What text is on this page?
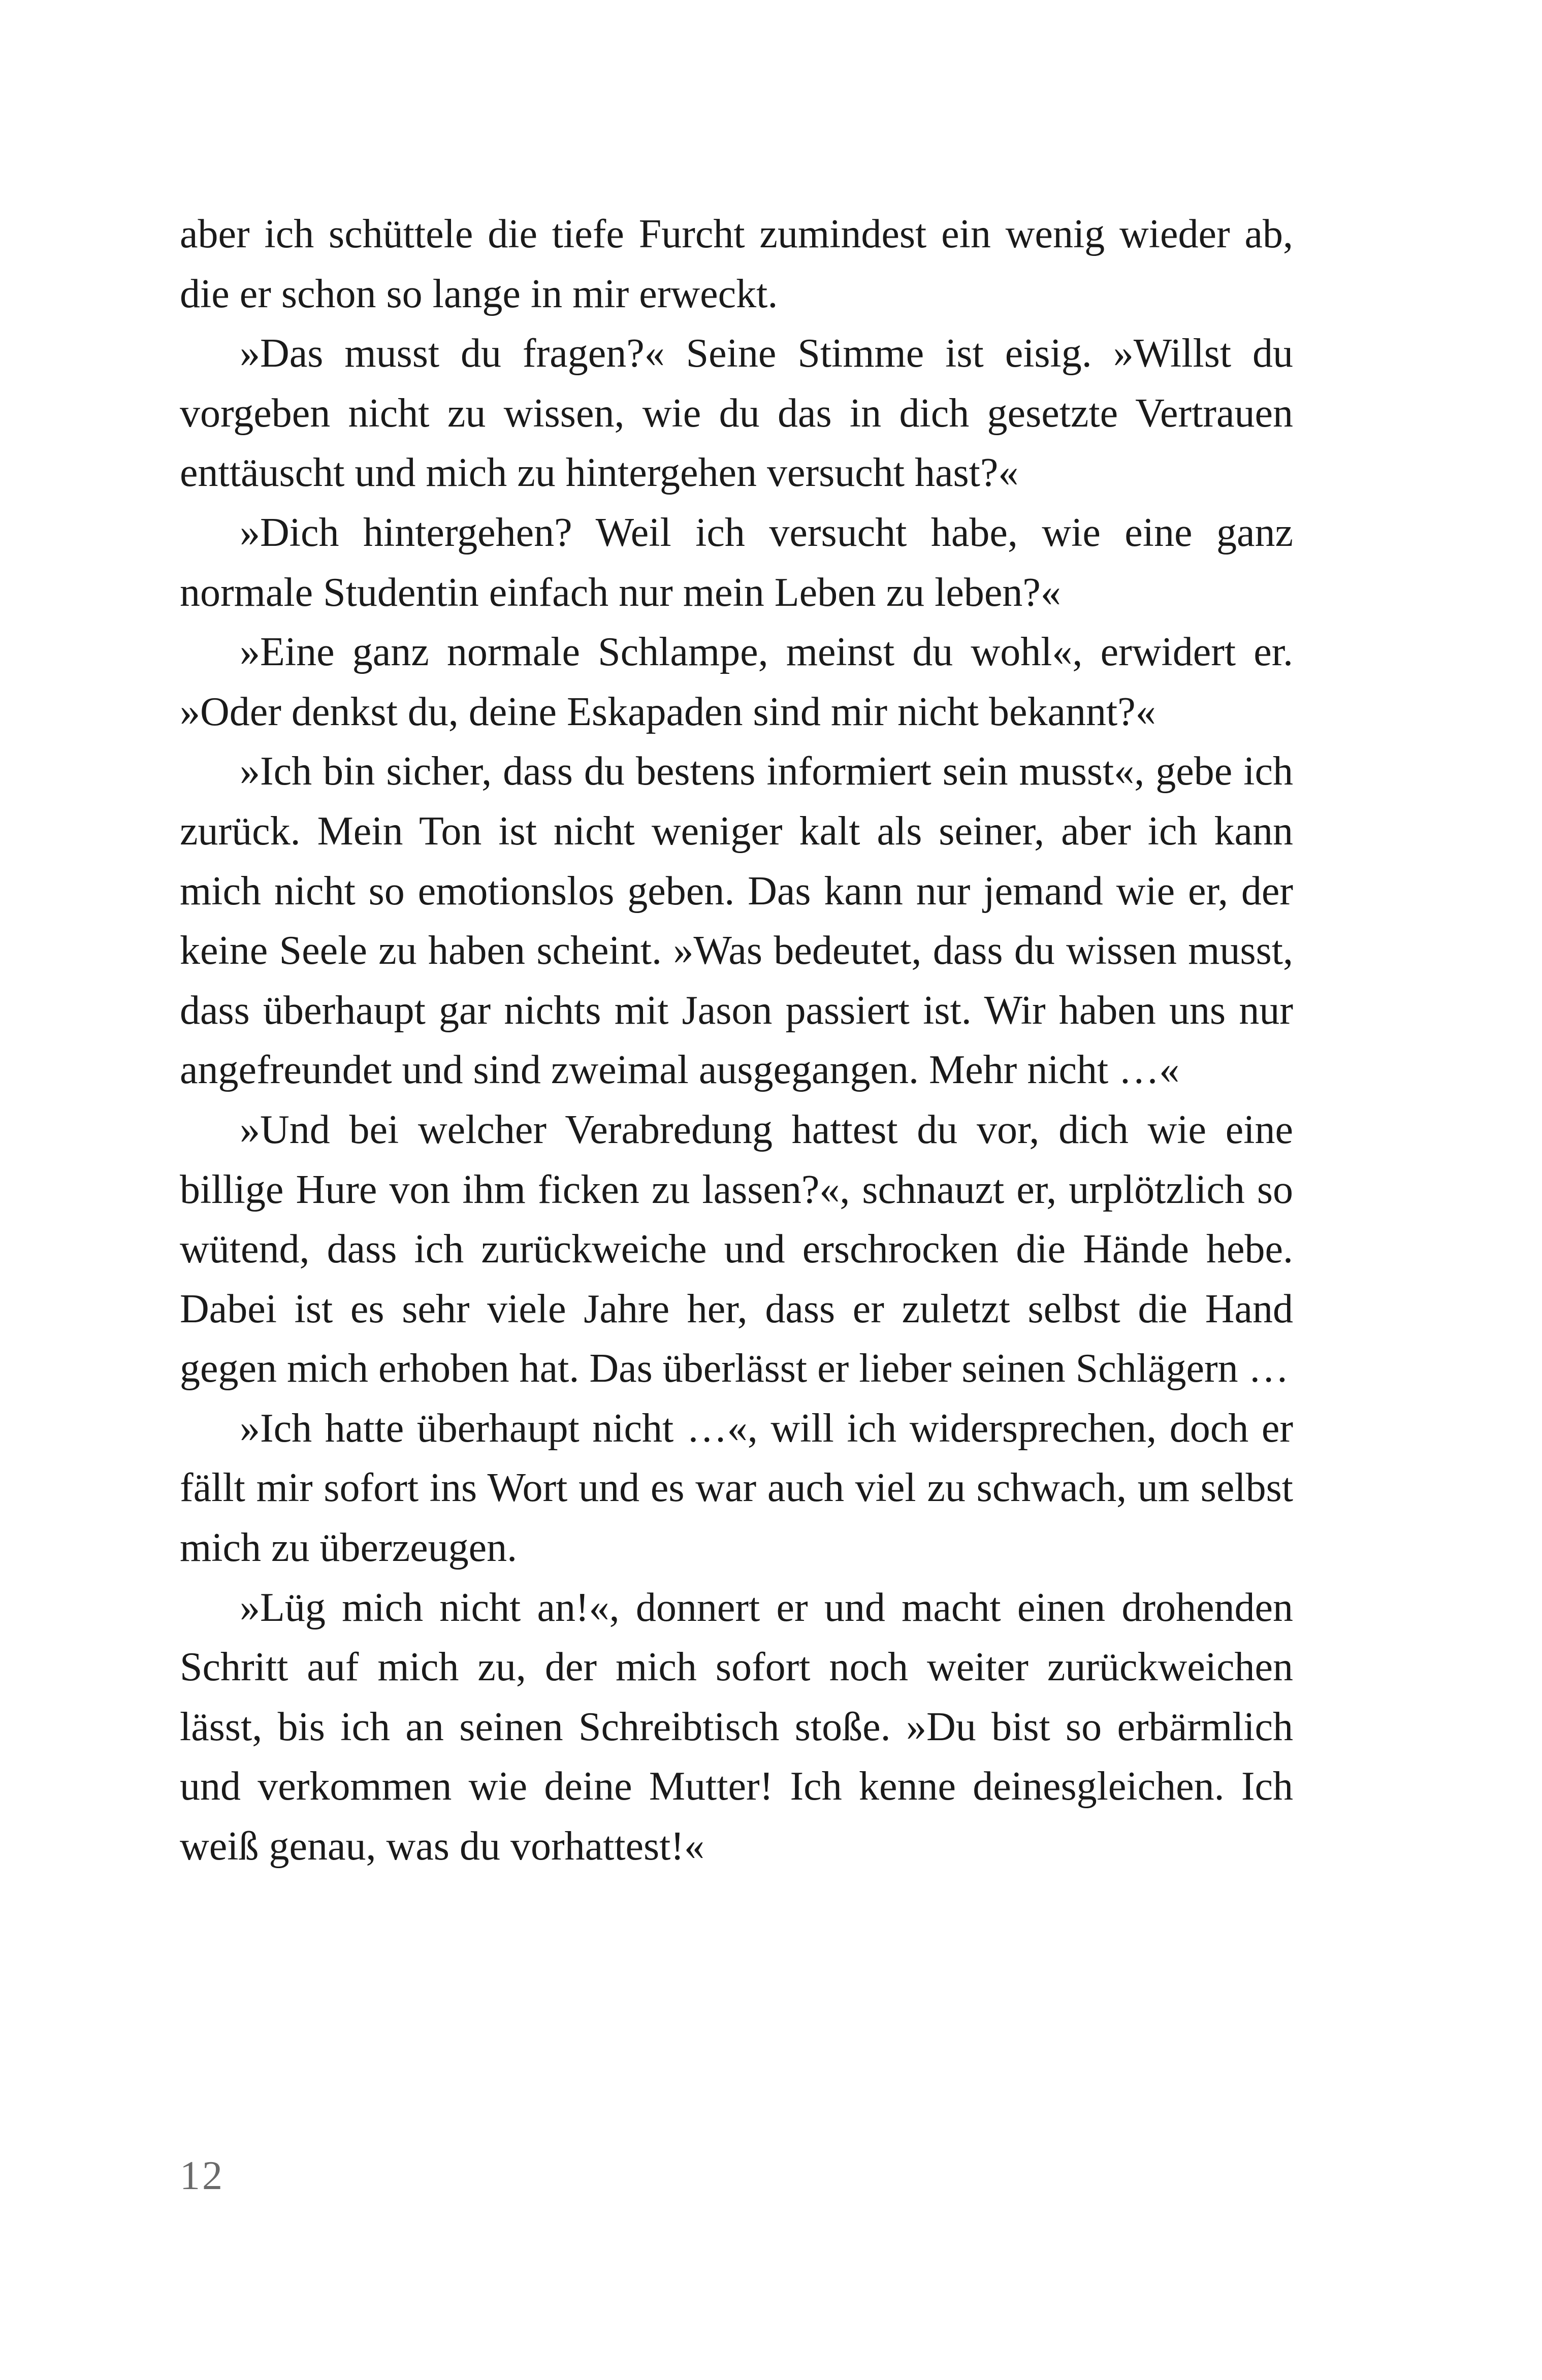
aber ich schüttele die tiefe Furcht zumindest ein wenig wieder ab, die er schon so lange in mir erweckt.

»Das musst du fragen?« Seine Stimme ist eisig. »Willst du vorgeben nicht zu wissen, wie du das in dich gesetzte Vertrauen enttäuscht und mich zu hintergehen versucht hast?«

»Dich hintergehen? Weil ich versucht habe, wie eine ganz normale Studentin einfach nur mein Leben zu leben?«

»Eine ganz normale Schlampe, meinst du wohl«, erwidert er. »Oder denkst du, deine Eskapaden sind mir nicht bekannt?«

»Ich bin sicher, dass du bestens informiert sein musst«, gebe ich zurück. Mein Ton ist nicht weniger kalt als seiner, aber ich kann mich nicht so emotionslos geben. Das kann nur jemand wie er, der keine Seele zu haben scheint. »Was bedeutet, dass du wissen musst, dass überhaupt gar nichts mit Jason passiert ist. Wir haben uns nur angefreundet und sind zweimal ausgegangen. Mehr nicht …«

»Und bei welcher Verabredung hattest du vor, dich wie eine billige Hure von ihm ficken zu lassen?«, schnauzt er, urplötzlich so wütend, dass ich zurückweiche und erschrocken die Hände hebe. Dabei ist es sehr viele Jahre her, dass er zuletzt selbst die Hand gegen mich erhoben hat. Das überlässt er lieber seinen Schlägern …

»Ich hatte überhaupt nicht …«, will ich widersprechen, doch er fällt mir sofort ins Wort und es war auch viel zu schwach, um selbst mich zu überzeugen.

»Lüg mich nicht an!«, donnert er und macht einen drohenden Schritt auf mich zu, der mich sofort noch weiter zurückweichen lässt, bis ich an seinen Schreibtisch stoße. »Du bist so erbärmlich und verkommen wie deine Mutter! Ich kenne deinesgleichen. Ich weiß genau, was du vorhattest!«

12
